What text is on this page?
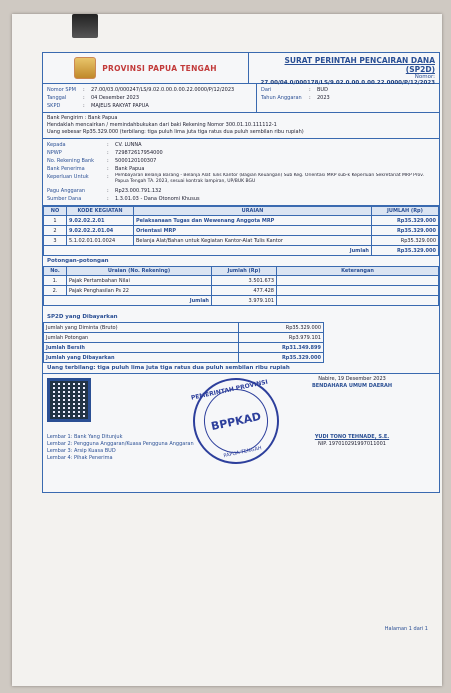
PROVINSI PAPUA TENGAH
SURAT PERINTAH PENCAIRAN DANA (SP2D)
Nomor:
27.00/04.0/000178/LS/9.02.0.00.0.00.22.0000/P/12/2023
Nomor SPM	:	27.00/03.0/000247/LS/9.02.0.00.0.00.22.0000/P/12/2023
Tanggal	:	04 Desember 2023
SKPD	:	MAJELIS RAKYAT PAPUA
Dari	:	BUD
Tahun Anggaran	:	2023
Bank Pengirim : Bank Papua
Hendaklah mencairkan / memindahbukukan dari baki Rekening Nomor 300.01.10.111112-1
Uang sebesar Rp35.329.000 (terbilang: tiga puluh lima juta tiga ratus dua puluh sembilan ribu rupiah)
Kepada	:	CV. LUNNA
NPWP	:	729872617954000
No. Rekening Bank	:	5000120100307
Bank Penerima	:	Bank Papua
Keperluan Untuk	:	Pembayaran Belanja Barang - Belanja Alat Tulis Kantor (Bagian Keuangan) Sub Keg. Orientasi MRP sub-k Keperluan Sekretariat MRP Prov. Papua Tengah TA. 2023, sesuai kontrak lampiran, UP/BUK BGU
Pagu Anggaran	:	Rp23.000.791.132
Sumber Dana	:	1.3.01.03 - Dana Otonomi Khusus
NO	KODE KEGIATAN	URAIAN	JUMLAH (Rp)
1	9.02.02.2.01	Pelaksanaan Tugas dan Wewenang Anggota MRP	Rp35.329.000
2	9.02.02.2.01.04	Orientasi MRP	Rp35.329.000
3	5.1.02.01.01.0024	Belanja Alat/Bahan untuk Kegiatan Kantor-Alat Tulis Kantor	Rp35.329.000
Jumlah			Rp35.329.000
Potongan-potongan
No.	Uraian (No. Rekening)	Jumlah (Rp)	Keterangan
1.	Pajak Pertambahan Nilai	3.501.673	
2.	Pajak Penghasilan Ps 22	477.428	
Jumlah		3.979.101	
SP2D yang Dibayarkan
Jumlah yang Diminta (Bruto)	Rp35.329.000	
Jumlah Potongan	Rp3.979.101	
Jumlah Bersih	Rp31.349.899	
Jumlah yang Dibayarkan	Rp35.329.000	
Uang terbilang: tiga puluh lima juta tiga ratus dua puluh sembilan ribu rupiah
PEMERINTAH PROVINSI
BPPKAD
PAPUA TENGAH
Nabire, 19 Desember 2023
BENDAHARA UMUM DAERAH
YUDI TONO TEHNADE, S.E.
NIP. 197010291997011001
Lembar 1: Bank Yang Ditunjuk
Lembar 2: Pengguna Anggaran/Kuasa Pengguna Anggaran
Lembar 3: Arsip Kuasa BUD
Lembar 4: Pihak Penerima
Halaman 1 dari 1
